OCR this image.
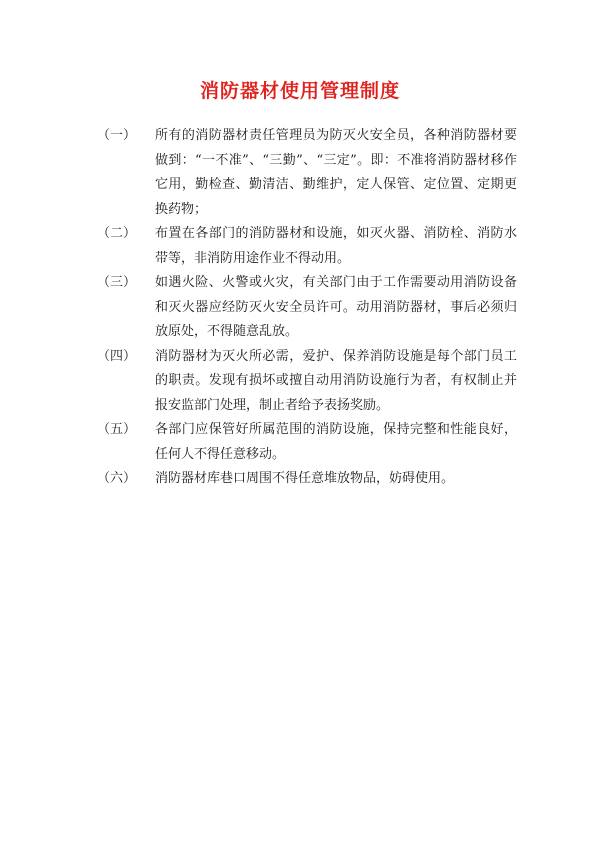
消防器材使用管理制度
（一）	所有的消防器材责任管理员为防灭火安全员，各种消防器材要做到：“一不准”、“三勤”、“三定”。即：不准将消防器材移作它用，勤检查、勤清洁、勤维护，定人保管、定位置、定期更换药物；
（二）	布置在各部门的消防器材和设施，如灭火器、消防栓、消防水带等，非消防用途作业不得动用。
（三）	如遇火险、火警或火灾，有关部门由于工作需要动用消防设备和灭火器应经防灭火安全员许可。动用消防器材，事后必须归放原处，不得随意乱放。
（四）	消防器材为灭火所必需，爱护、保养消防设施是每个部门员工的职责。发现有损坏或擅自动用消防设施行为者，有权制止并报安监部门处理，制止者给予表扬奖励。
（五）	各部门应保管好所属范围的消防设施，保持完整和性能良好，任何人不得任意移动。
（六）	消防器材库巷口周围不得任意堆放物品，妨碍使用。
